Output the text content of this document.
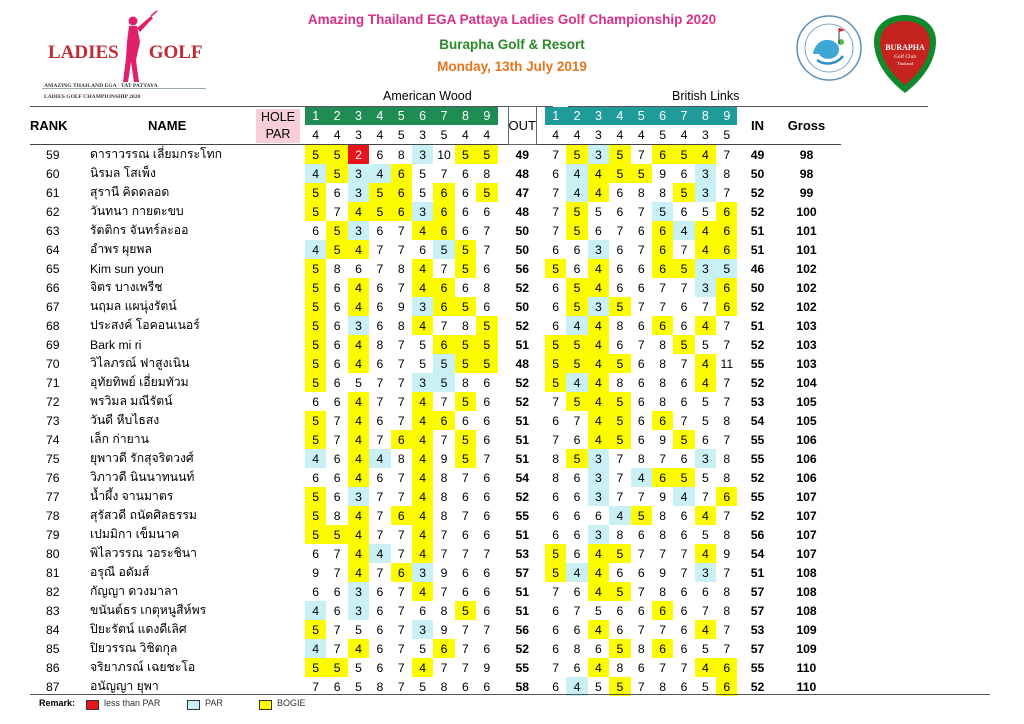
Amazing Thailand EGA Pattaya Ladies Golf Championship 2020
Burapha Golf & Resort
Monday, 13th July 2019
LADIES GOLF
AMAZING THAILAND EGA · TAT PATTAYA
LADIES GOLF CHAMPIONSHIP 2020
BURAPHA
Golf Club
Thailand
American Wood	British Links
RANK	NAME
HOLE
PAR	1	2	3	4	5	6	7	8	9		OUT		1	2	3	4	5	6	7	8	9		IN	Gross
		4	4	3	4	5	3	5	4	4				4	4	3	4	4	5	4	3	5			
59	ดาราวรรณ เลี่ยมกระโทก	5	5	2	6	8	3	10	5	5		49		7	5	3	5	7	6	5	4	7		49	98
60	นิรมล โสเพ็ง	4	5	3	4	6	5	7	6	8		48		6	4	4	5	5	9	6	3	8		50	98
61	สุรานี คิดดลอด	5	6	3	5	6	5	6	6	5		47		7	4	4	6	8	8	5	3	7		52	99
62	วันทนา กายตะขบ	5	7	4	5	6	3	6	6	6		48		7	5	5	6	7	5	6	5	6		52	100
63	รัตติกร จันทร์ละออ	6	5	3	6	7	4	6	6	7		50		7	5	6	7	6	6	4	4	6		51	101
64	อำพร ผุยพล	4	5	4	7	7	6	5	5	7		50		6	6	3	6	7	6	7	4	6		51	101
65	Kim sun youn	5	8	6	7	8	4	7	5	6		56		5	6	4	6	6	6	5	3	5		46	102
66	จิตร บางเพรีช	5	6	4	6	7	4	6	6	8		52		6	5	4	6	6	7	7	3	6		50	102
67	นฤมล แผนุ่งรัตน์	5	6	4	6	9	3	6	5	6		50		6	5	3	5	7	7	6	7	6		52	102
68	ประสงค์ โอคอนเนอร์	5	6	3	6	8	4	7	8	5		52		6	4	4	8	6	6	6	4	7		51	103
69	Bark mi ri	5	6	4	8	7	5	6	5	5		51		5	5	4	6	7	8	5	5	7		52	103
70	วิไลภรณ์ ฟาสูงเนิน	5	6	4	6	7	5	5	5	5		48		5	5	4	5	6	8	7	4	11		55	103
71	อุทัยทิพย์ เอี่ยมทัวม	5	6	5	7	7	3	5	8	6		52		5	4	4	8	6	8	6	4	7		52	104
72	พรวิมล มณีรัตน์	6	6	4	7	7	4	7	5	6		52		7	5	4	5	6	8	6	5	7		53	105
73	วันดี หีบไธสง	5	7	4	6	7	4	6	6	6		51		6	7	4	5	6	6	7	5	8		54	105
74	เล็ก ก่ายาน	5	7	4	7	6	4	7	5	6		51		7	6	4	5	6	9	5	6	7		55	106
75	ยุพาวดี รักสุจริตวงศ์	4	6	4	4	8	4	9	5	7		51		8	5	3	7	8	7	6	3	8		55	106
76	วิภาวดี นินนาทนนท์	6	6	4	6	7	4	8	7	6		54		8	6	3	7	4	6	5	5	8		52	106
77	น้ำผึ้ง จานมาตร	5	6	3	7	7	4	8	6	6		52		6	6	3	7	7	9	4	7	6		55	107
78	สุรัสวดี ถนัดศิลธรรม	5	8	4	7	6	4	8	7	6		55		6	6	6	4	5	8	6	4	7		52	107
79	เปมมิกา เข็มนาค	5	5	4	7	7	4	7	6	6		51		6	6	3	8	6	8	6	5	8		56	107
80	พิไลวรรณ วอระชินา	6	7	4	4	7	4	7	7	7		53		5	6	4	5	7	7	7	4	9		54	107
81	อรุณี อดัมส์	9	7	4	7	6	3	9	6	6		57		5	4	4	6	6	9	7	3	7		51	108
82	กัญญา ดวงมาลา	6	6	3	6	7	4	7	6	6		51		7	6	4	5	7	8	6	6	8		57	108
83	ขนันต์ธร เกตุหนูสีห์พร	4	6	3	6	7	6	8	5	6		51		6	7	5	6	6	6	6	7	8		57	108
84	ปิยะรัตน์ แดงดีเลิศ	5	7	5	6	7	3	9	7	7		56		6	6	4	6	7	7	6	4	7		53	109
85	ปิยวรรณ วิชิตกุล	4	7	4	6	7	5	6	7	6		52		6	8	6	5	8	6	6	5	7		57	109
86	จริยาภรณ์ เฉยชะโอ	5	5	5	6	7	4	7	7	9		55		7	6	4	8	6	7	7	4	6		55	110
87	อนัญญา ยุพา	7	6	5	8	7	5	8	6	6		58		6	4	5	5	7	8	6	5	6		52	110
Remark:	less than PAR	PAR	BOGIE
